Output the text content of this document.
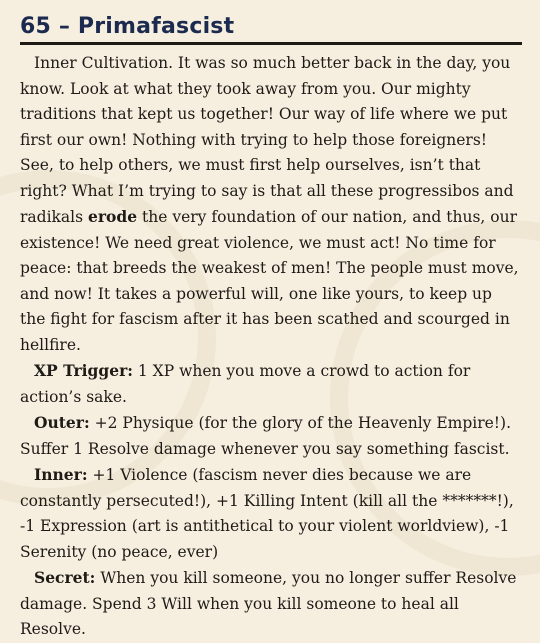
65 – Primafascist

Inner Cultivation. It was so much better back in the day, you know. Look at what they took away from you. Our mighty traditions that kept us together! Our way of life where we put first our own! Nothing with trying to help those foreigners! See, to help others, we must first help ourselves, isn’t that right? What I’m trying to say is that all these progressibos and radikals erode the very foundation of our nation, and thus, our existence! We need great violence, we must act! No time for peace: that breeds the weakest of men! The people must move, and now! It takes a powerful will, one like yours, to keep up the fight for fascism after it has been scathed and scourged in hellfire.

XP Trigger: 1 XP when you move a crowd to action for action’s sake.

Outer: +2 Physique (for the glory of the Heavenly Empire!). Suffer 1 Resolve damage whenever you say something fascist.

Inner: +1 Violence (fascism never dies because we are constantly persecuted!), +1 Killing Intent (kill all the *******!), -1 Expression (art is antithetical to your violent worldview), -1 Serenity (no peace, ever)

Secret: When you kill someone, you no longer suffer Resolve damage. Spend 3 Will when you kill someone to heal all Resolve.
